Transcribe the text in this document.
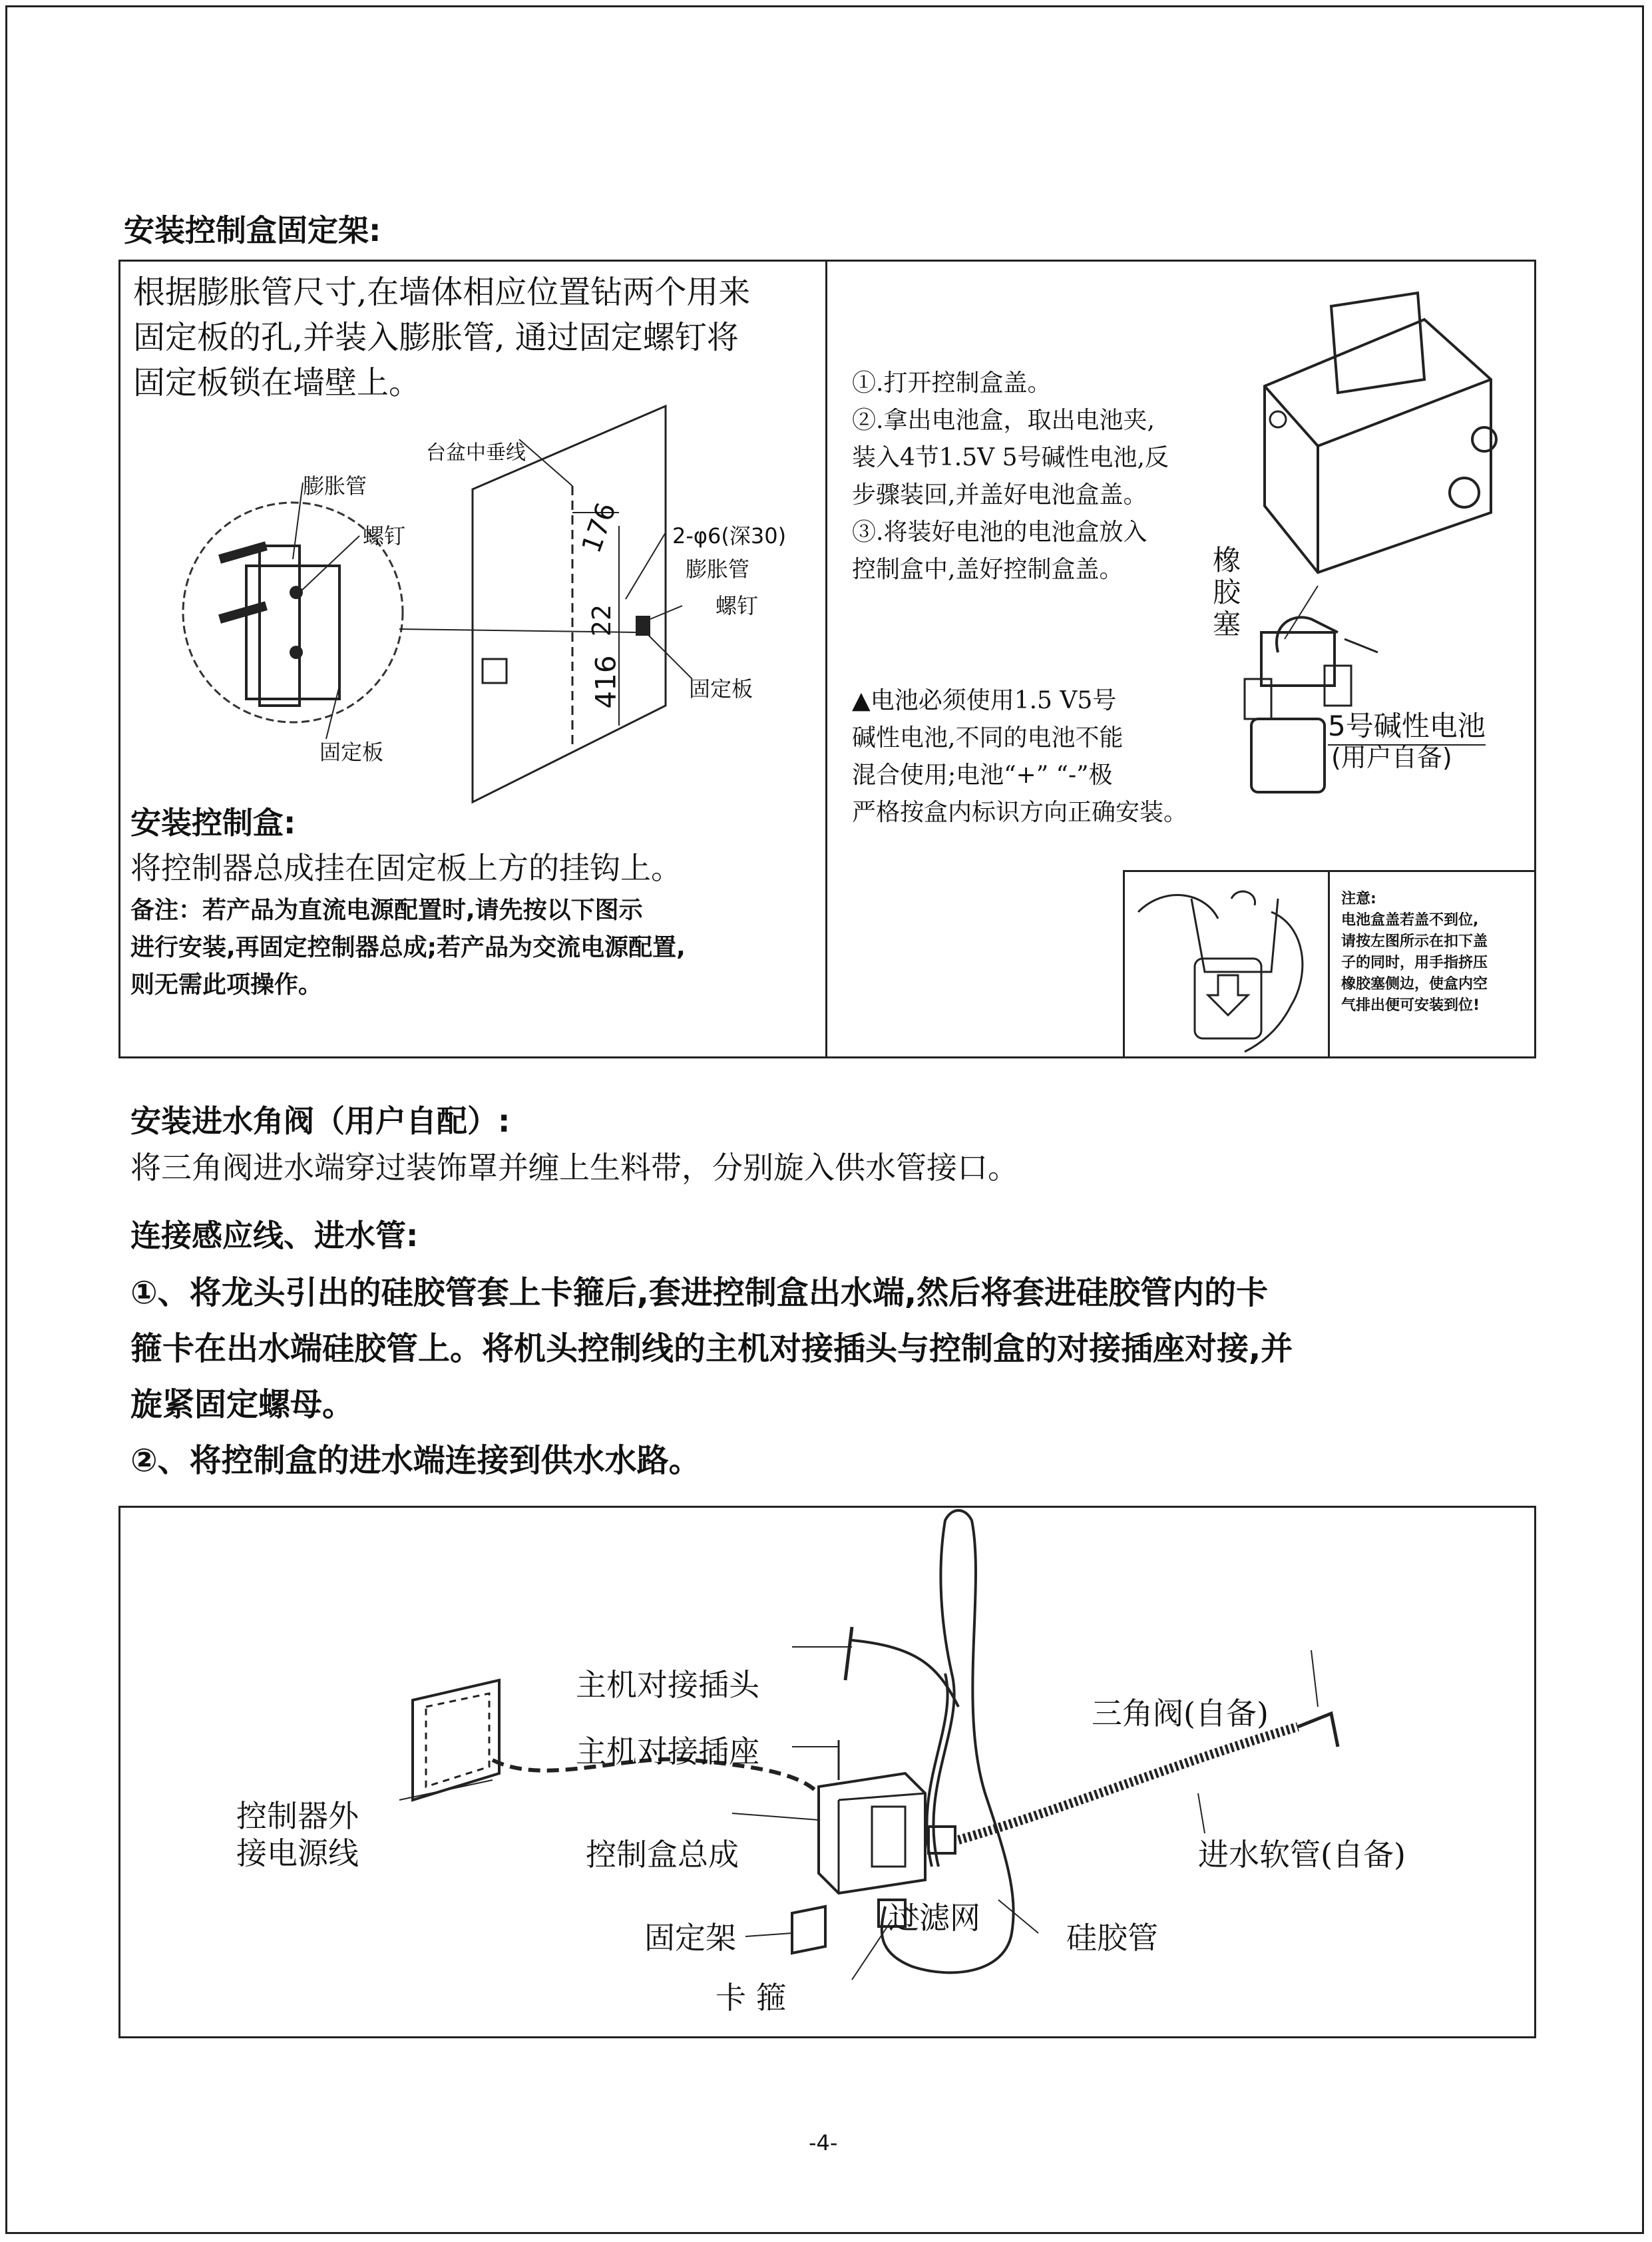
安装控制盒固定架:
根据膨胀管尺寸,在墙体相应位置钻两个用来
固定板的孔,并装入膨胀管, 通过固定螺钉将
固定板锁在墙壁上。
台盆中垂线
膨胀管
螺钉
固定板
2-φ6(深30)
膨胀管
螺钉
固定板
176
22
416
安装控制盒:
将控制器总成挂在固定板上方的挂钩上。
备注：若产品为直流电源配置时,请先按以下图示
进行安装,再固定控制器总成;若产品为交流电源配置,
则无需此项操作。
①.打开控制盒盖。
②.拿出电池盒，取出电池夹,
装入4节1.5V 5号碱性电池,反
步骤装回,并盖好电池盒盖。
③.将装好电池的电池盒放入
控制盒中,盖好控制盒盖。
▲电池必须使用1.5 V5号
碱性电池,不同的电池不能
混合使用;电池“+” “-”极
严格按盒内标识方向正确安装。
橡
胶
塞
5号碱性电池
(用户自备)
注意:
电池盒盖若盖不到位,
请按左图所示在扣下盖
子的同时，用手指挤压
橡胶塞侧边，使盒内空
气排出便可安装到位!
安装进水角阀（用户自配）:
将三角阀进水端穿过装饰罩并缠上生料带，分别旋入供水管接口。
连接感应线、进水管:
①、将龙头引出的硅胶管套上卡箍后,套进控制盒出水端,然后将套进硅胶管内的卡
箍卡在出水端硅胶管上。将机头控制线的主机对接插头与控制盒的对接插座对接,并
旋紧固定螺母。
②、将控制盒的进水端连接到供水水路。
主机对接插头
主机对接插座
控制器外
接电源线	控制盒总成
固定架
卡 箍
过滤网
硅胶管
三角阀(自备)
进水软管(自备)
-4-
